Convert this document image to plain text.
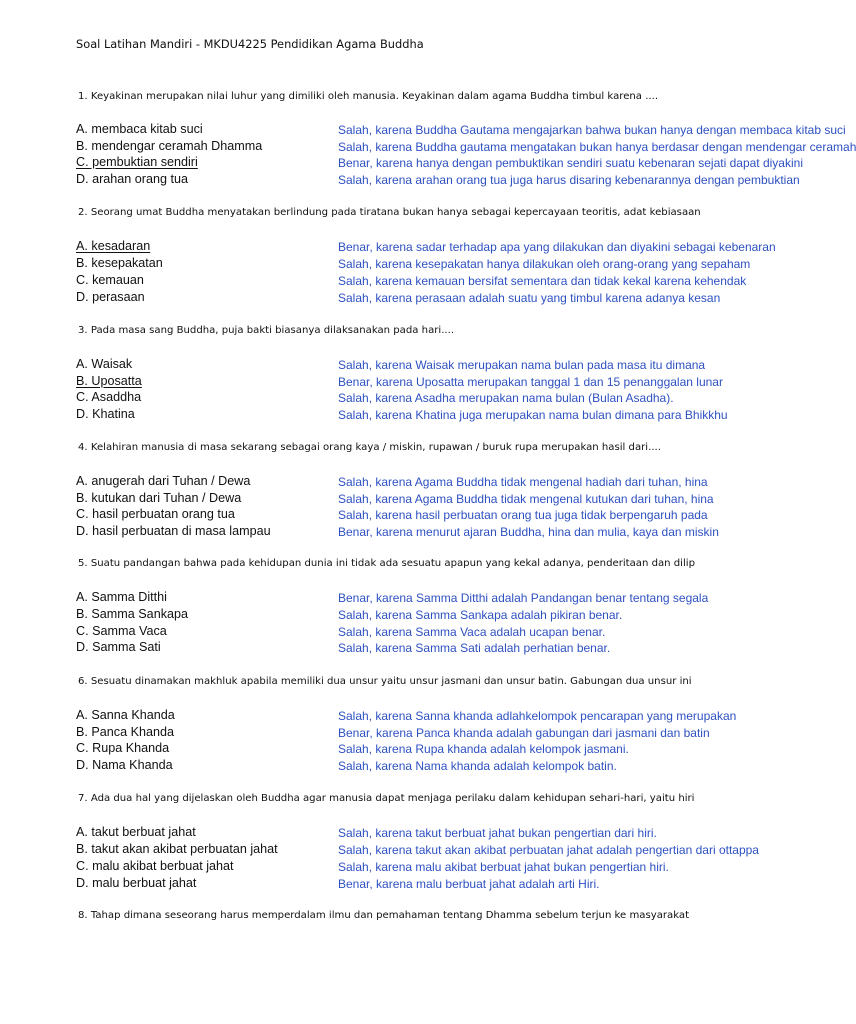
Soal Latihan Mandiri - MKDU4225 Pendidikan Agama Buddha
1. Keyakinan merupakan nilai luhur yang dimiliki oleh manusia. Keyakinan dalam agama Buddha timbul karena ....
A. membaca kitab suci
B. mendengar ceramah Dhamma
C. pembuktian sendiri
D. arahan orang tua
Salah, karena Buddha Gautama mengajarkan bahwa bukan hanya dengan membaca kitab suci
Salah, karena Buddha gautama mengatakan bukan hanya berdasar dengan mendengar ceramah
Benar, karena hanya dengan pembuktikan sendiri suatu kebenaran sejati dapat diyakini
Salah, karena arahan orang tua juga harus disaring kebenarannya dengan pembuktian
2. Seorang umat Buddha menyatakan berlindung pada tiratana bukan hanya sebagai kepercayaan teoritis, adat kebiasaan
A. kesadaran
B. kesepakatan
C. kemauan
D. perasaan
Benar, karena sadar terhadap apa yang dilakukan dan diyakini sebagai kebenaran
Salah, karena kesepakatan hanya dilakukan oleh orang-orang yang sepaham
Salah, karena kemauan bersifat sementara dan tidak kekal karena kehendak
Salah, karena perasaan adalah suatu yang timbul karena adanya kesan
3. Pada masa sang Buddha, puja bakti biasanya dilaksanakan pada hari....
A. Waisak
B. Uposatta
C. Asaddha
D. Khatina
Salah, karena Waisak merupakan nama bulan pada masa itu dimana
Benar, karena Uposatta merupakan tanggal 1 dan 15 penanggalan lunar
Salah, karena Asadha merupakan nama bulan (Bulan Asadha).
Salah, karena Khatina juga merupakan nama bulan dimana para Bhikkhu
4. Kelahiran manusia di masa sekarang sebagai orang kaya / miskin, rupawan / buruk rupa merupakan hasil dari....
A. anugerah dari Tuhan / Dewa
B. kutukan dari Tuhan / Dewa
C. hasil perbuatan orang tua
D. hasil perbuatan di masa lampau
Salah, karena Agama Buddha tidak mengenal hadiah dari tuhan, hina
Salah, karena Agama Buddha tidak mengenal kutukan dari tuhan, hina
Salah, karena hasil perbuatan orang tua juga tidak berpengaruh pada
Benar, karena menurut ajaran Buddha, hina dan mulia, kaya dan miskin
5. Suatu pandangan bahwa pada kehidupan dunia ini tidak ada sesuatu apapun yang kekal adanya, penderitaan dan dilip
A. Samma Ditthi
B. Samma Sankapa
C. Samma Vaca
D. Samma Sati
Benar, karena Samma Ditthi adalah Pandangan benar tentang segala
Salah, karena Samma Sankapa adalah pikiran benar.
Salah, karena Samma Vaca adalah ucapan benar.
Salah, karena Samma Sati adalah perhatian benar.
6. Sesuatu dinamakan makhluk apabila memiliki dua unsur yaitu unsur jasmani dan unsur batin. Gabungan dua unsur ini
A. Sanna Khanda
B. Panca Khanda
C. Rupa Khanda
D. Nama Khanda
Salah, karena Sanna khanda adlahkelompok pencarapan yang merupakan
Benar, karena Panca khanda adalah gabungan dari jasmani dan batin
Salah, karena Rupa khanda adalah kelompok jasmani.
Salah, karena Nama khanda adalah kelompok batin.
7. Ada dua hal yang dijelaskan oleh Buddha agar manusia dapat menjaga perilaku dalam kehidupan sehari-hari, yaitu hiri
A. takut berbuat jahat
B. takut akan akibat perbuatan jahat
C. malu akibat berbuat jahat
D. malu berbuat jahat
Salah, karena takut berbuat jahat bukan pengertian dari hiri.
Salah, karena takut akan akibat perbuatan jahat adalah pengertian dari ottappa
Salah, karena malu akibat berbuat jahat bukan pengertian hiri.
Benar, karena malu berbuat jahat adalah arti Hiri.
8. Tahap dimana seseorang harus memperdalam ilmu dan pemahaman tentang Dhamma sebelum terjun ke masyarakat
